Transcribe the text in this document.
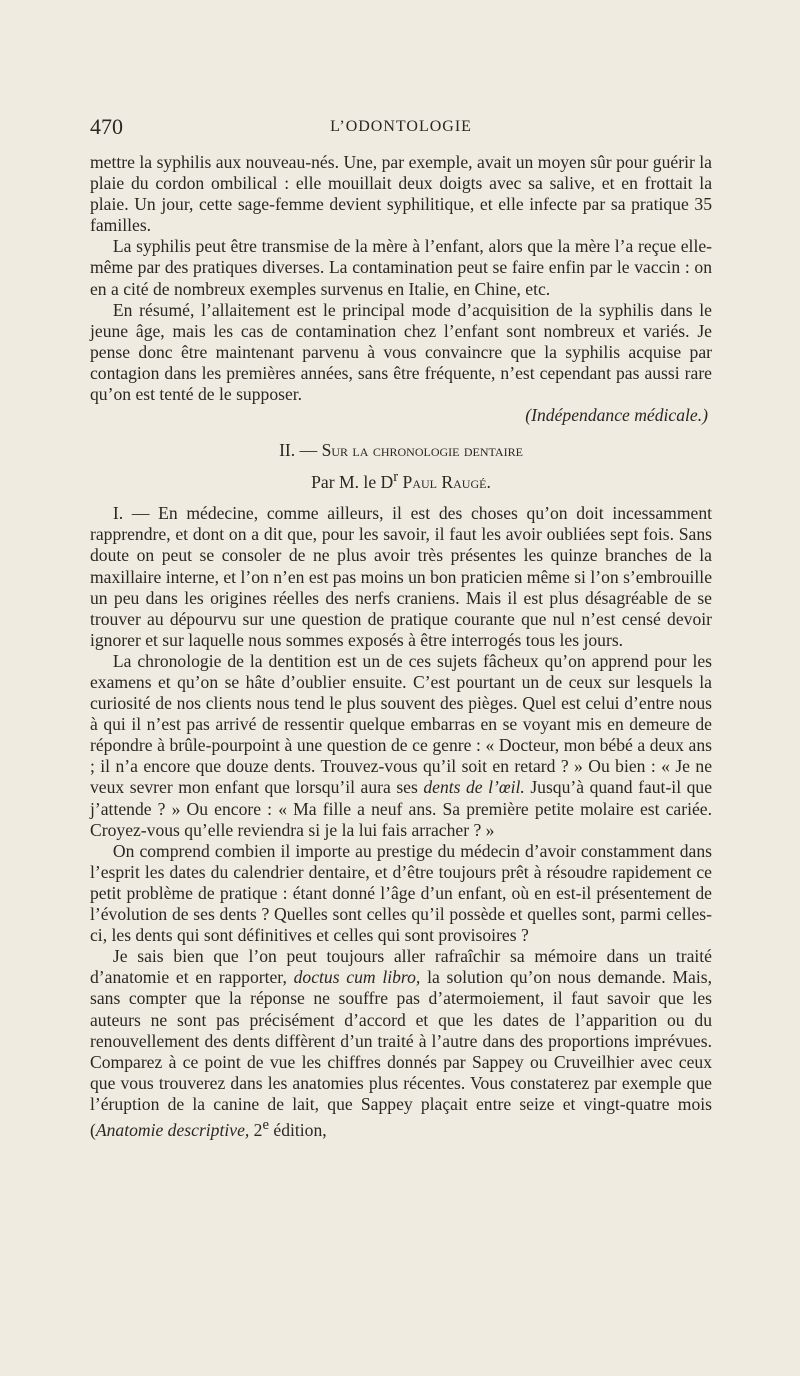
470	L’ODONTOLOGIE

mettre la syphilis aux nouveau-nés. Une, par exemple, avait un moyen sûr pour guérir la plaie du cordon ombilical : elle mouillait deux doigts avec sa salive, et en frottait la plaie. Un jour, cette sage-femme devient syphilitique, et elle infecte par sa pratique 35 familles.

La syphilis peut être transmise de la mère à l’enfant, alors que la mère l’a reçue elle-même par des pratiques diverses. La contamination peut se faire enfin par le vaccin : on en a cité de nombreux exemples survenus en Italie, en Chine, etc.

En résumé, l’allaitement est le principal mode d’acquisition de la syphilis dans le jeune âge, mais les cas de contamination chez l’enfant sont nombreux et variés. Je pense donc être maintenant parvenu à vous convaincre que la syphilis acquise par contagion dans les premières années, sans être fréquente, n’est cependant pas aussi rare qu’on est tenté de le supposer.

(Indépendance médicale.)

II. — Sur la chronologie dentaire

Par M. le $D^r$ Paul Raugé.

I. — En médecine, comme ailleurs, il est des choses qu’on doit incessamment rapprendre, et dont on a dit que, pour les savoir, il faut les avoir oubliées sept fois. Sans doute on peut se consoler de ne plus avoir très présentes les quinze branches de la maxillaire interne, et l’on n’en est pas moins un bon praticien même si l’on s’embrouille un peu dans les origines réelles des nerfs craniens. Mais il est plus désagréable de se trouver au dépourvu sur une question de pratique courante que nul n’est censé devoir ignorer et sur laquelle nous sommes exposés à être interrogés tous les jours.

La chronologie de la dentition est un de ces sujets fâcheux qu’on apprend pour les examens et qu’on se hâte d’oublier ensuite. C’est pourtant un de ceux sur lesquels la curiosité de nos clients nous tend le plus souvent des pièges. Quel est celui d’entre nous à qui il n’est pas arrivé de ressentir quelque embarras en se voyant mis en demeure de répondre à brûle-pourpoint à une question de ce genre : « Docteur, mon bébé a deux ans ; il n’a encore que douze dents. Trouvez-vous qu’il soit en retard ? » Ou bien : « Je ne veux sevrer mon enfant que lorsqu’il aura ses dents de l’œil. Jusqu’à quand faut-il que j’attende ? » Ou encore : « Ma fille a neuf ans. Sa première petite molaire est cariée. Croyez-vous qu’elle reviendra si je la lui fais arracher ? »

On comprend combien il importe au prestige du médecin d’avoir constamment dans l’esprit les dates du calendrier dentaire, et d’être toujours prêt à résoudre rapidement ce petit problème de pratique : étant donné l’âge d’un enfant, où en est-il présentement de l’évolution de ses dents ? Quelles sont celles qu’il possède et quelles sont, parmi celles-ci, les dents qui sont définitives et celles qui sont provisoires ?

Je sais bien que l’on peut toujours aller rafraîchir sa mémoire dans un traité d’anatomie et en rapporter, doctus cum libro, la solution qu’on nous demande. Mais, sans compter que la réponse ne souffre pas d’atermoiement, il faut savoir que les auteurs ne sont pas précisément d’accord et que les dates de l’apparition ou du renouvellement des dents diffèrent d’un traité à l’autre dans des proportions imprévues. Comparez à ce point de vue les chiffres donnés par Sappey ou Cruveilhier avec ceux que vous trouverez dans les anatomies plus récentes. Vous constaterez par exemple que l’éruption de la canine de lait, que Sappey plaçait entre seize et vingt-quatre mois (Anatomie descriptive, 2e édition,
